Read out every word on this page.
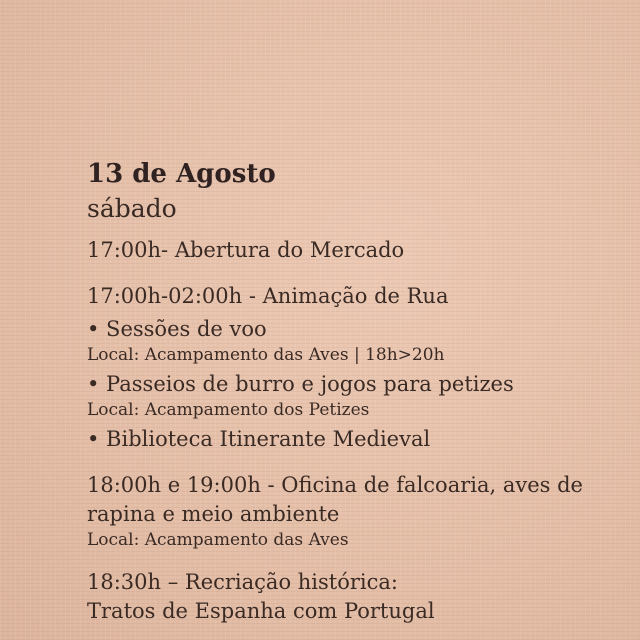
13 de Agosto

sábado

17:00h- Abertura do Mercado

17:00h-02:00h - Animação de Rua

• Sessões de voo

Local: Acampamento das Aves | 18h>20h

• Passeios de burro e jogos para petizes

Local: Acampamento dos Petizes

• Biblioteca Itinerante Medieval

18:00h e 19:00h - Oficina de falcoaria, aves de rapina e meio ambiente

Local: Acampamento das Aves

18:30h – Recriação histórica:

Tratos de Espanha com Portugal
